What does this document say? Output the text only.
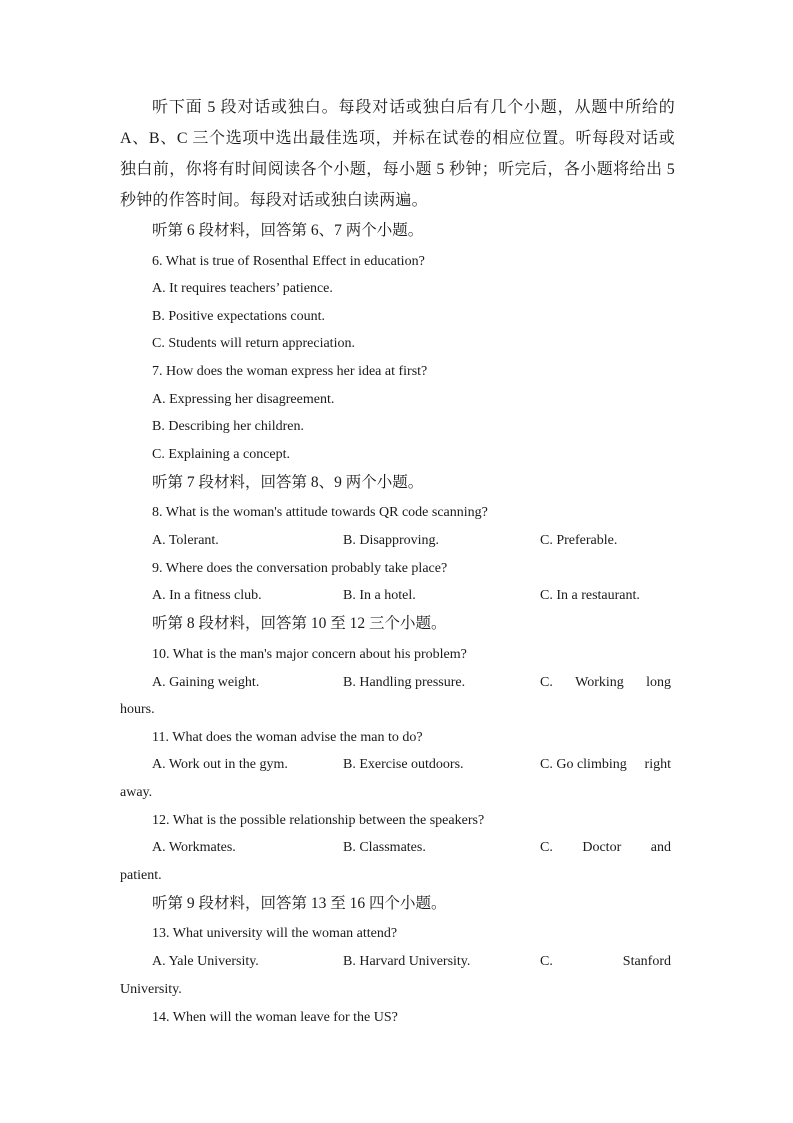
听下面 5 段对话或独白。每段对话或独白后有几个小题，从题中所给的 A、B、C 三个选项中选出最佳选项，并标在试卷的相应位置。听每段对话或独白前，你将有时间阅读各个小题，每小题 5 秒钟；听完后，各小题将给出 5 秒钟的作答时间。每段对话或独白读两遍。

听第 6 段材料，回答第 6、7 两个小题。
6. What is true of Rosenthal Effect in education?
A. It requires teachers’ patience.
B. Positive expectations count.
C. Students will return appreciation.
7. How does the woman express her idea at first?
A. Expressing her disagreement.
B. Describing her children.
C. Explaining a concept.
听第 7 段材料，回答第 8、9 两个小题。
8. What is the woman's attitude towards QR code scanning?
A. Tolerant.	B. Disapproving.	C. Preferable.
9. Where does the conversation probably take place?
A. In a fitness club.	B. In a hotel.	C. In a restaurant.
听第 8 段材料，回答第 10 至 12 三个小题。
10. What is the man's major concern about his problem?
A. Gaining weight.	B. Handling pressure.	C. Working long
hours.
11. What does the woman advise the man to do?
A. Work out in the gym.	B. Exercise outdoors.	C. Go climbing right
away.
12. What is the possible relationship between the speakers?
A. Workmates.	B. Classmates.	C. Doctor and
patient.
听第 9 段材料，回答第 13 至 16 四个小题。
13. What university will the woman attend?
A. Yale University.	B. Harvard University.	C.	Stanford
University.
14. When will the woman leave for the US?
